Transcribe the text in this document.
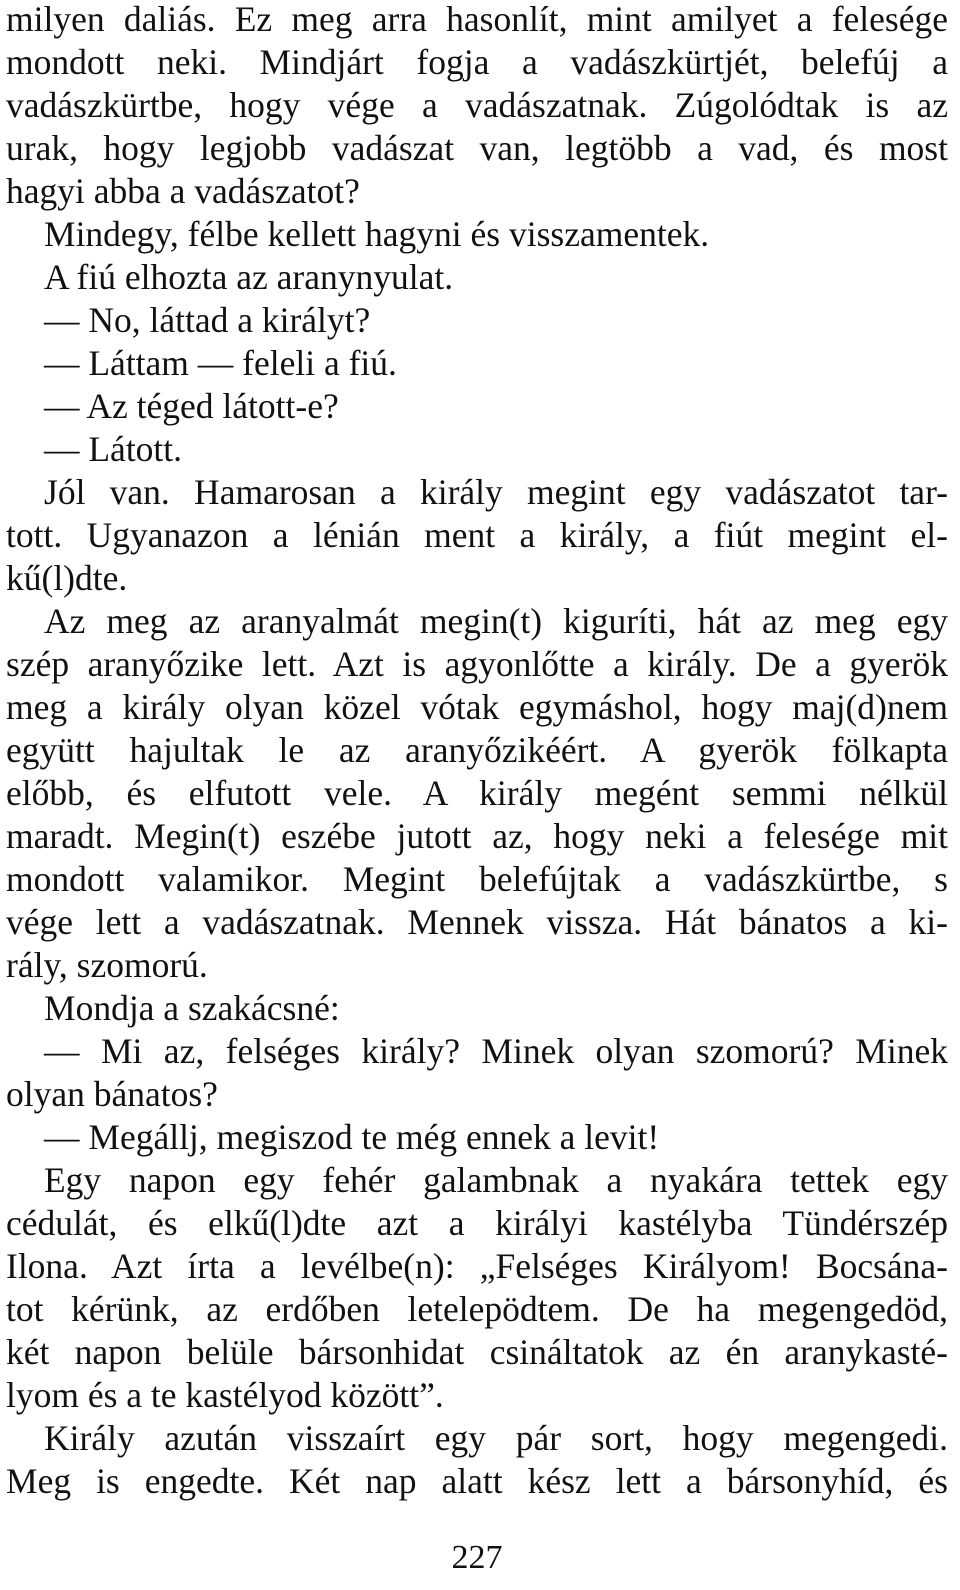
milyen daliás. Ez meg arra hasonlít, mint amilyet a felesége
mondott neki. Mindjárt fogja a vadászkürtjét, belefúj a
vadászkürtbe, hogy vége a vadászatnak. Zúgolódtak is az
urak, hogy legjobb vadászat van, legtöbb a vad, és most
hagyi abba a vadászatot?
Mindegy, félbe kellett hagyni és visszamentek.
A fiú elhozta az aranynyulat.
— No, láttad a királyt?
— Láttam — feleli a fiú.
— Az téged látott-e?
— Látott.
Jól van. Hamarosan a király megint egy vadászatot tar-
tott. Ugyanazon a lénián ment a király, a fiút megint el-
kű(l)dte.
Az meg az aranyalmát megin(t) kiguríti, hát az meg egy
szép aranyőzike lett. Azt is agyonlőtte a király. De a gyerök
meg a király olyan közel vótak egymáshol, hogy maj(d)nem
együtt hajultak le az aranyőzikéért. A gyerök fölkapta
előbb, és elfutott vele. A király megént semmi nélkül
maradt. Megin(t) eszébe jutott az, hogy neki a felesége mit
mondott valamikor. Megint belefújtak a vadászkürtbe, s
vége lett a vadászatnak. Mennek vissza. Hát bánatos a ki-
rály, szomorú.
Mondja a szakácsné:
— Mi az, felséges király? Minek olyan szomorú? Minek
olyan bánatos?
— Megállj, megiszod te még ennek a levit!
Egy napon egy fehér galambnak a nyakára tettek egy
cédulát, és elkű(l)dte azt a királyi kastélyba Tündérszép
Ilona. Azt írta a levélbe(n): „Felséges Királyom! Bocsána-
tot kérünk, az erdőben letelepödtem. De ha megengedöd,
két napon belüle bársonhidat csináltatok az én aranykasté-
lyom és a te kastélyod között”.
Király azután visszaírt egy pár sort, hogy megengedi.
Meg is engedte. Két nap alatt kész lett a bársonyhíd, és
227
